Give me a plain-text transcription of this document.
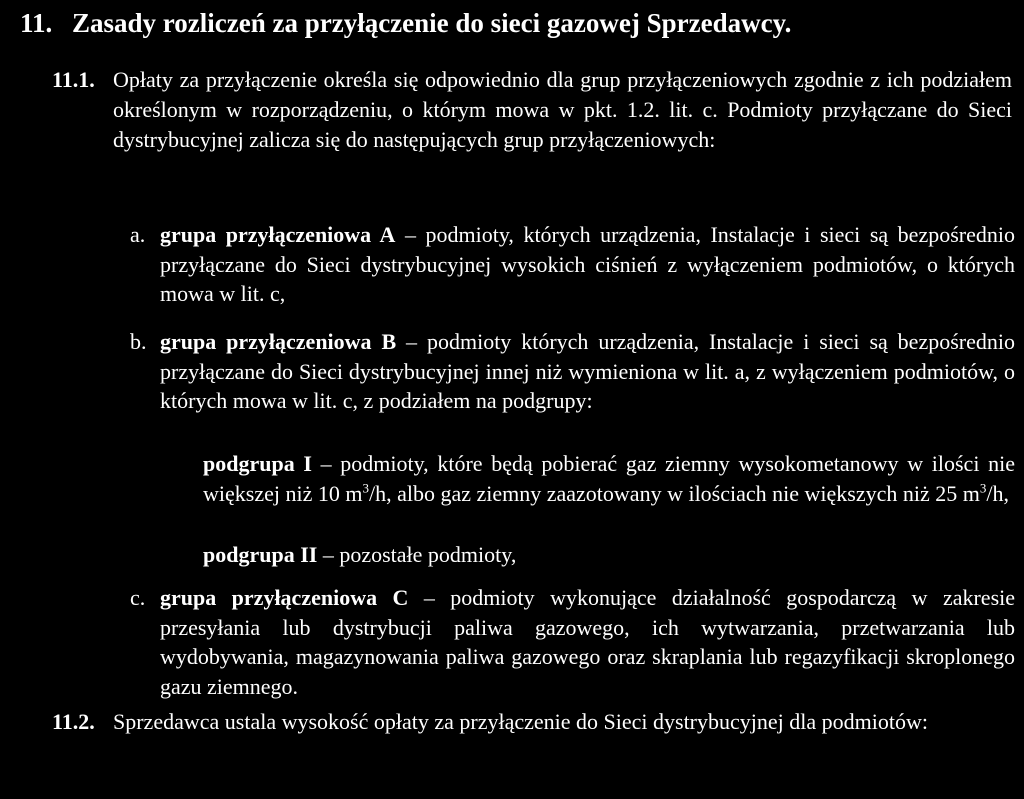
11. Zasady rozliczeń za przyłączenie do sieci gazowej Sprzedawcy.
11.1. Opłaty za przyłączenie określa się odpowiednio dla grup przyłączeniowych zgodnie z ich podziałem określonym w rozporządzeniu, o którym mowa w pkt. 1.2. lit. c. Podmioty przyłączane do Sieci dystrybucyjnej zalicza się do następujących grup przyłączeniowych:
a. grupa przyłączeniowa A – podmioty, których urządzenia, Instalacje i sieci są bezpośrednio przyłączane do Sieci dystrybucyjnej wysokich ciśnień z wyłączeniem podmiotów, o których mowa w lit. c,
b. grupa przyłączeniowa B – podmioty których urządzenia, Instalacje i sieci są bezpośrednio przyłączane do Sieci dystrybucyjnej innej niż wymieniona w lit. a, z wyłączeniem podmiotów, o których mowa w lit. c, z podziałem na podgrupy:
podgrupa I – podmioty, które będą pobierać gaz ziemny wysokometanowy w ilości nie większej niż 10 $m^3/h$, albo gaz ziemny zaazotowany w ilościach nie większych niż 25 $m^3/h$,
podgrupa II – pozostałe podmioty,
c. grupa przyłączeniowa C – podmioty wykonujące działalność gospodarczą w zakresie przesyłania lub dystrybucji paliwa gazowego, ich wytwarzania, przetwarzania lub wydobywania, magazynowania paliwa gazowego oraz skraplania lub regazyfikacji skroplonego gazu ziemnego.
11.2. Sprzedawca ustala wysokość opłaty za przyłączenie do Sieci dystrybucyjnej dla podmiotów:
